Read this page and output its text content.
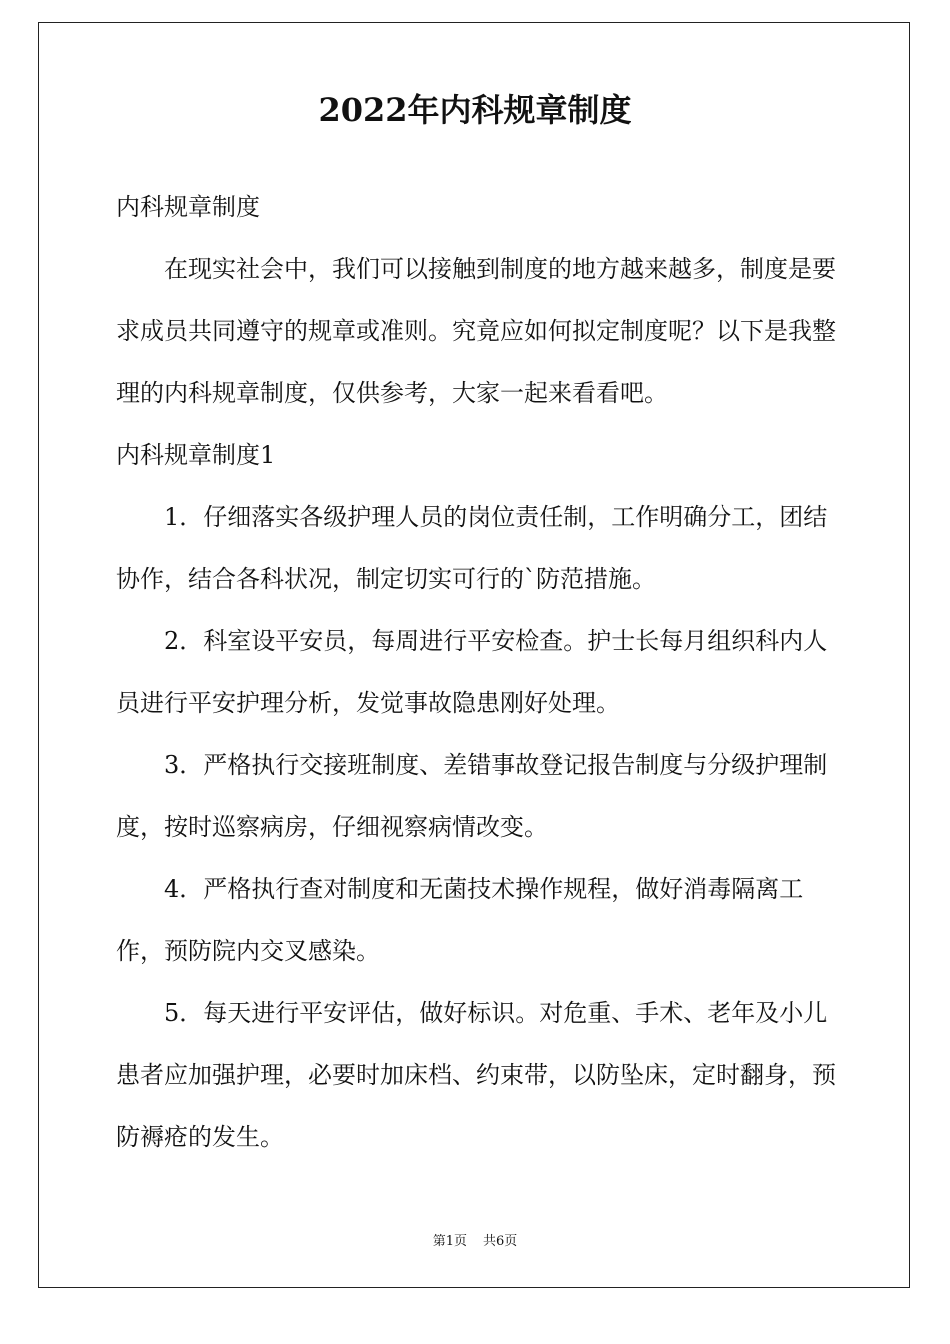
2022年内科规章制度

内科规章制度

在现实社会中，我们可以接触到制度的地方越来越多，制度是要求成员共同遵守的规章或准则。究竟应如何拟定制度呢？以下是我整理的内科规章制度，仅供参考，大家一起来看看吧。

内科规章制度1

1．仔细落实各级护理人员的岗位责任制，工作明确分工，团结协作，结合各科状况，制定切实可行的`防范措施。

2．科室设平安员，每周进行平安检查。护士长每月组织科内人员进行平安护理分析，发觉事故隐患刚好处理。

3．严格执行交接班制度、差错事故登记报告制度与分级护理制度，按时巡察病房，仔细视察病情改变。

4．严格执行查对制度和无菌技术操作规程，做好消毒隔离工作，预防院内交叉感染。

5．每天进行平安评估，做好标识。对危重、手术、老年及小儿患者应加强护理，必要时加床档、约束带，以防坠床，定时翻身，预防褥疮的发生。

第1页 共6页
